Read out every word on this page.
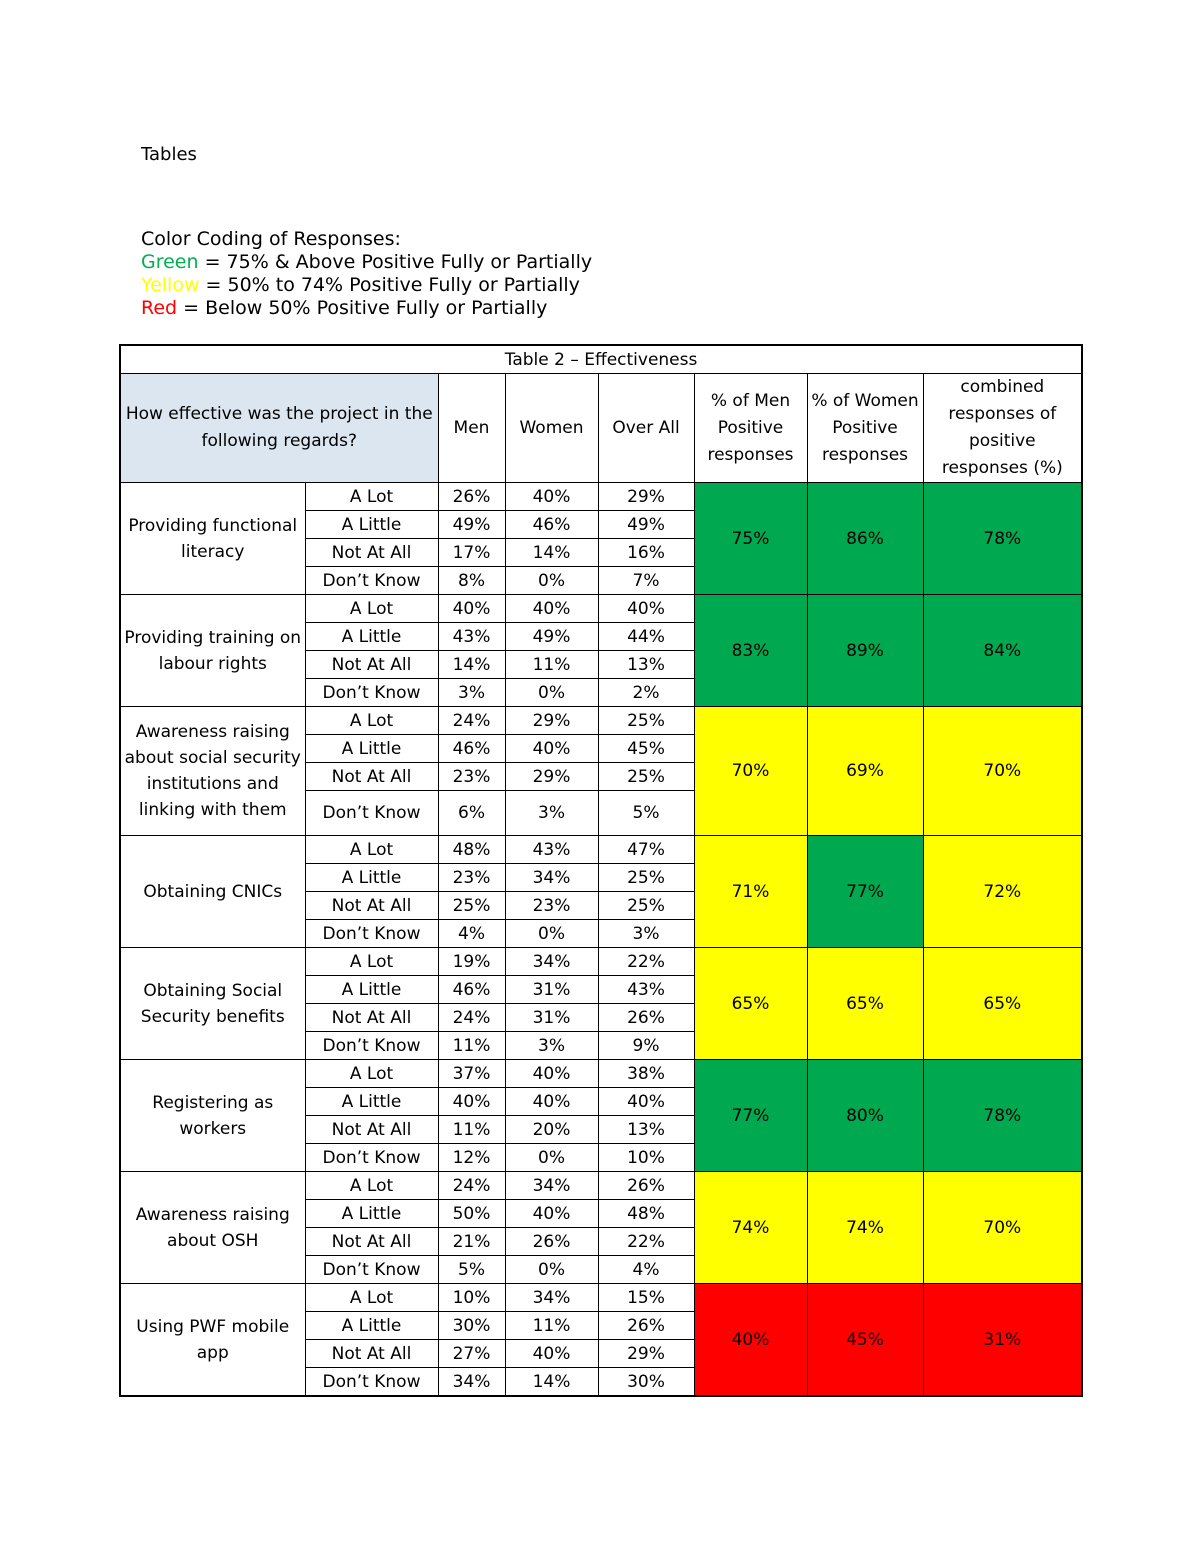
Tables
Color Coding of Responses:
Green = 75% & Above Positive Fully or Partially
Yellow = 50% to 74% Positive Fully or Partially
Red = Below 50% Positive Fully or Partially
Table 2 – Effectiveness							
How effective was the project in the following regards?		Men	Women	Over All	% of Men Positive responses	% of Women Positive responses	combined responses of positive responses (%)
Providing functional literacy	A Lot	26%	40%	29%	75%	86%	78%
	A Little	49%	46%	49%			
	Not At All	17%	14%	16%			
	Don’t Know	8%	0%	7%			
Providing training on labour rights	A Lot	40%	40%	40%	83%	89%	84%
	A Little	43%	49%	44%			
	Not At All	14%	11%	13%			
	Don’t Know	3%	0%	2%			
Awareness raising about social security institutions and linking with them	A Lot	24%	29%	25%	70%	69%	70%
	A Little	46%	40%	45%			
	Not At All	23%	29%	25%			
	Don’t Know	6%	3%	5%			
Obtaining CNICs	A Lot	48%	43%	47%	71%	77%	72%
	A Little	23%	34%	25%			
	Not At All	25%	23%	25%			
	Don’t Know	4%	0%	3%			
Obtaining Social Security benefits	A Lot	19%	34%	22%	65%	65%	65%
	A Little	46%	31%	43%			
	Not At All	24%	31%	26%			
	Don’t Know	11%	3%	9%			
Registering as workers	A Lot	37%	40%	38%	77%	80%	78%
	A Little	40%	40%	40%			
	Not At All	11%	20%	13%			
	Don’t Know	12%	0%	10%			
Awareness raising about OSH	A Lot	24%	34%	26%	74%	74%	70%
	A Little	50%	40%	48%			
	Not At All	21%	26%	22%			
	Don’t Know	5%	0%	4%			
Using PWF mobile app	A Lot	10%	34%	15%	40%	45%	31%
	A Little	30%	11%	26%			
	Not At All	27%	40%	29%			
	Don’t Know	34%	14%	30%			
